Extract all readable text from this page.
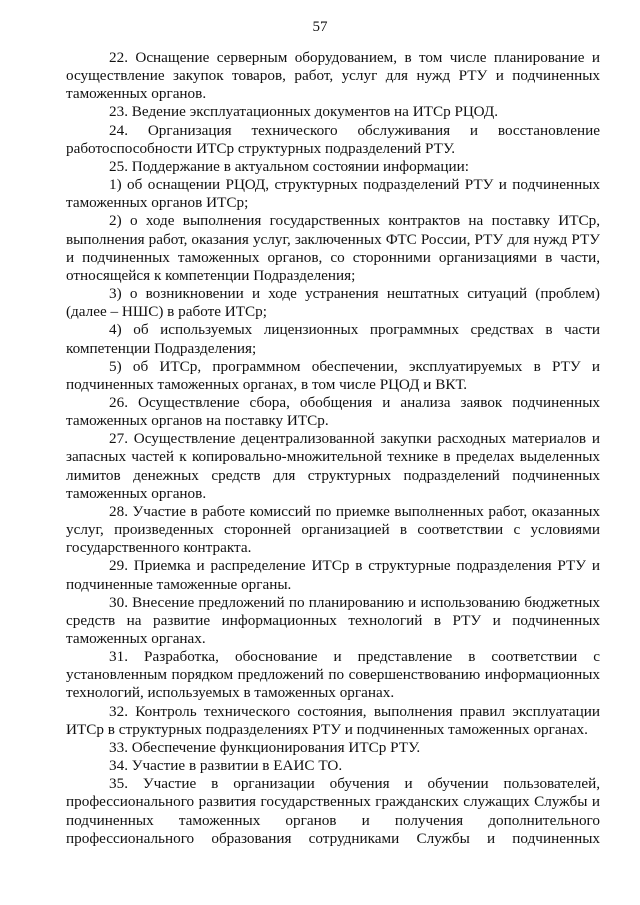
57

22. Оснащение серверным оборудованием, в том числе планирование и осуществление закупок товаров, работ, услуг для нужд РТУ и подчиненных таможенных органов.

23. Ведение эксплуатационных документов на ИТСр РЦОД.

24. Организация технического обслуживания и восстановление работоспособности ИТСр структурных подразделений РТУ.

25. Поддержание в актуальном состоянии информации:

1) об оснащении РЦОД, структурных подразделений РТУ и подчиненных таможенных органов ИТСр;

2) о ходе выполнения государственных контрактов на поставку ИТСр, выполнения работ, оказания услуг, заключенных ФТС России, РТУ для нужд РТУ и подчиненных таможенных органов, со сторонними организациями в части, относящейся к компетенции Подразделения;

3) о возникновении и ходе устранения нештатных ситуаций (проблем) (далее – НШС) в работе ИТСр;

4) об используемых лицензионных программных средствах в части компетенции Подразделения;

5) об ИТСр, программном обеспечении, эксплуатируемых в РТУ и подчиненных таможенных органах, в том числе РЦОД и ВКТ.

26. Осуществление сбора, обобщения и анализа заявок подчиненных таможенных органов на поставку ИТСр.

27. Осуществление децентрализованной закупки расходных материалов и запасных частей к копировально-множительной технике в пределах выделенных лимитов денежных средств для структурных подразделений подчиненных таможенных органов.

28. Участие в работе комиссий по приемке выполненных работ, оказанных услуг, произведенных сторонней организацией в соответствии с условиями государственного контракта.

29. Приемка и распределение ИТСр в структурные подразделения РТУ и подчиненные таможенные органы.

30. Внесение предложений по планированию и использованию бюджетных средств на развитие информационных технологий в РТУ и подчиненных таможенных органах.

31. Разработка, обоснование и представление в соответствии с установленным порядком предложений по совершенствованию информационных технологий, используемых в таможенных органах.

32. Контроль технического состояния, выполнения правил эксплуатации ИТСр в структурных подразделениях РТУ и подчиненных таможенных органах.

33. Обеспечение функционирования ИТСр РТУ.

34. Участие в развитии в ЕАИС ТО.

35. Участие в организации обучения и обучении пользователей, профессионального развития государственных гражданских служащих Службы и подчиненных таможенных органов и получения дополнительного профессионального образования сотрудниками Службы и подчиненных
